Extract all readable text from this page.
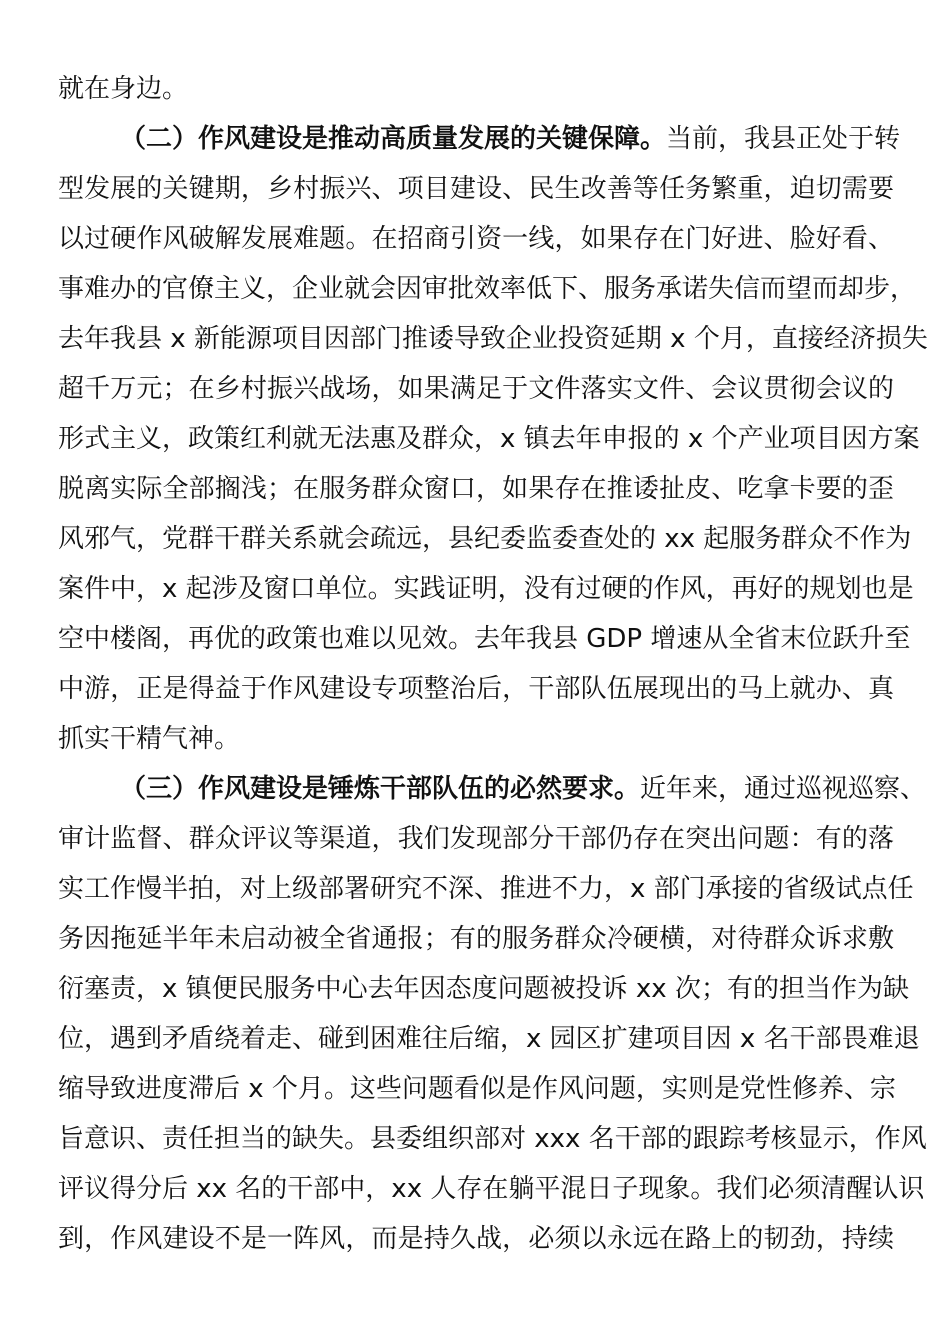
就在身边。
（二）作风建设是推动高质量发展的关键保障。当前，我县正处于转
型发展的关键期，乡村振兴、项目建设、民生改善等任务繁重，迫切需要
以过硬作风破解发展难题。在招商引资一线，如果存在门好进、脸好看、
事难办的官僚主义，企业就会因审批效率低下、服务承诺失信而望而却步，
去年我县 x 新能源项目因部门推诿导致企业投资延期 x 个月，直接经济损失
超千万元；在乡村振兴战场，如果满足于文件落实文件、会议贯彻会议的
形式主义，政策红利就无法惠及群众，x 镇去年申报的 x 个产业项目因方案
脱离实际全部搁浅；在服务群众窗口，如果存在推诿扯皮、吃拿卡要的歪
风邪气，党群干群关系就会疏远，县纪委监委查处的 xx 起服务群众不作为
案件中，x 起涉及窗口单位。实践证明，没有过硬的作风，再好的规划也是
空中楼阁，再优的政策也难以见效。去年我县 GDP 增速从全省末位跃升至
中游，正是得益于作风建设专项整治后，干部队伍展现出的马上就办、真
抓实干精气神。
（三）作风建设是锤炼干部队伍的必然要求。近年来，通过巡视巡察、
审计监督、群众评议等渠道，我们发现部分干部仍存在突出问题：有的落
实工作慢半拍，对上级部署研究不深、推进不力，x 部门承接的省级试点任
务因拖延半年未启动被全省通报；有的服务群众冷硬横，对待群众诉求敷
衍塞责，x 镇便民服务中心去年因态度问题被投诉 xx 次；有的担当作为缺
位，遇到矛盾绕着走、碰到困难往后缩，x 园区扩建项目因 x 名干部畏难退
缩导致进度滞后 x 个月。这些问题看似是作风问题，实则是党性修养、宗
旨意识、责任担当的缺失。县委组织部对 xxx 名干部的跟踪考核显示，作风
评议得分后 xx 名的干部中，xx 人存在躺平混日子现象。我们必须清醒认识
到，作风建设不是一阵风，而是持久战，必须以永远在路上的韧劲，持续
